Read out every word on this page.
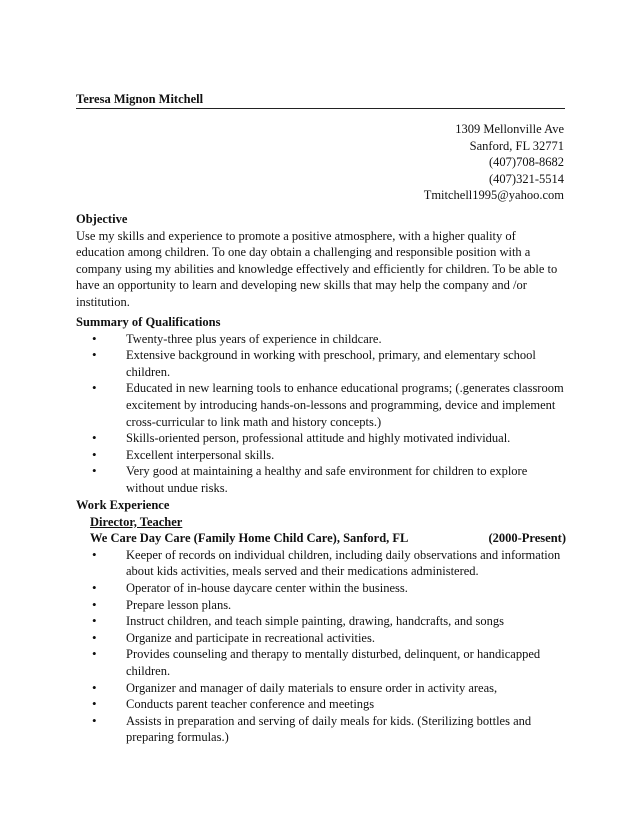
Teresa Mignon Mitchell
1309 Mellonville Ave
Sanford, FL 32771
(407)708-8682
(407)321-5514
Tmitchell1995@yahoo.com
Objective
Use my skills and experience to promote a positive atmosphere, with a higher quality of education among children. To one day obtain a challenging and responsible position with a company using my abilities and knowledge effectively and efficiently for children. To be able to have an opportunity to learn and developing new skills that may help the company and /or institution.
Summary of Qualifications
• Twenty-three plus years of experience in childcare.
• Extensive background in working with preschool, primary, and elementary school children.
• Educated in new learning tools to enhance educational programs; (.generates classroom excitement by introducing hands-on-lessons and programming, device and implement cross-curricular to link math and history concepts.)
• Skills-oriented person, professional attitude and highly motivated individual.
• Excellent interpersonal skills.
• Very good at maintaining a healthy and safe environment for children to explore without undue risks.
Work Experience
Director, Teacher
We Care Day Care (Family Home Child Care), Sanford, FL	(2000-Present)
• Keeper of records on individual children, including daily observations and information about kids activities, meals served and their medications administered.
• Operator of in-house daycare center within the business.
• Prepare lesson plans.
• Instruct children, and teach simple painting, drawing, handcrafts, and songs
• Organize and participate in recreational activities.
• Provides counseling and therapy to mentally disturbed, delinquent, or handicapped children.
• Organizer and manager of daily materials to ensure order in activity areas,
• Conducts parent teacher conference and meetings
• Assists in preparation and serving of daily meals for kids. (Sterilizing bottles and preparing formulas.)
